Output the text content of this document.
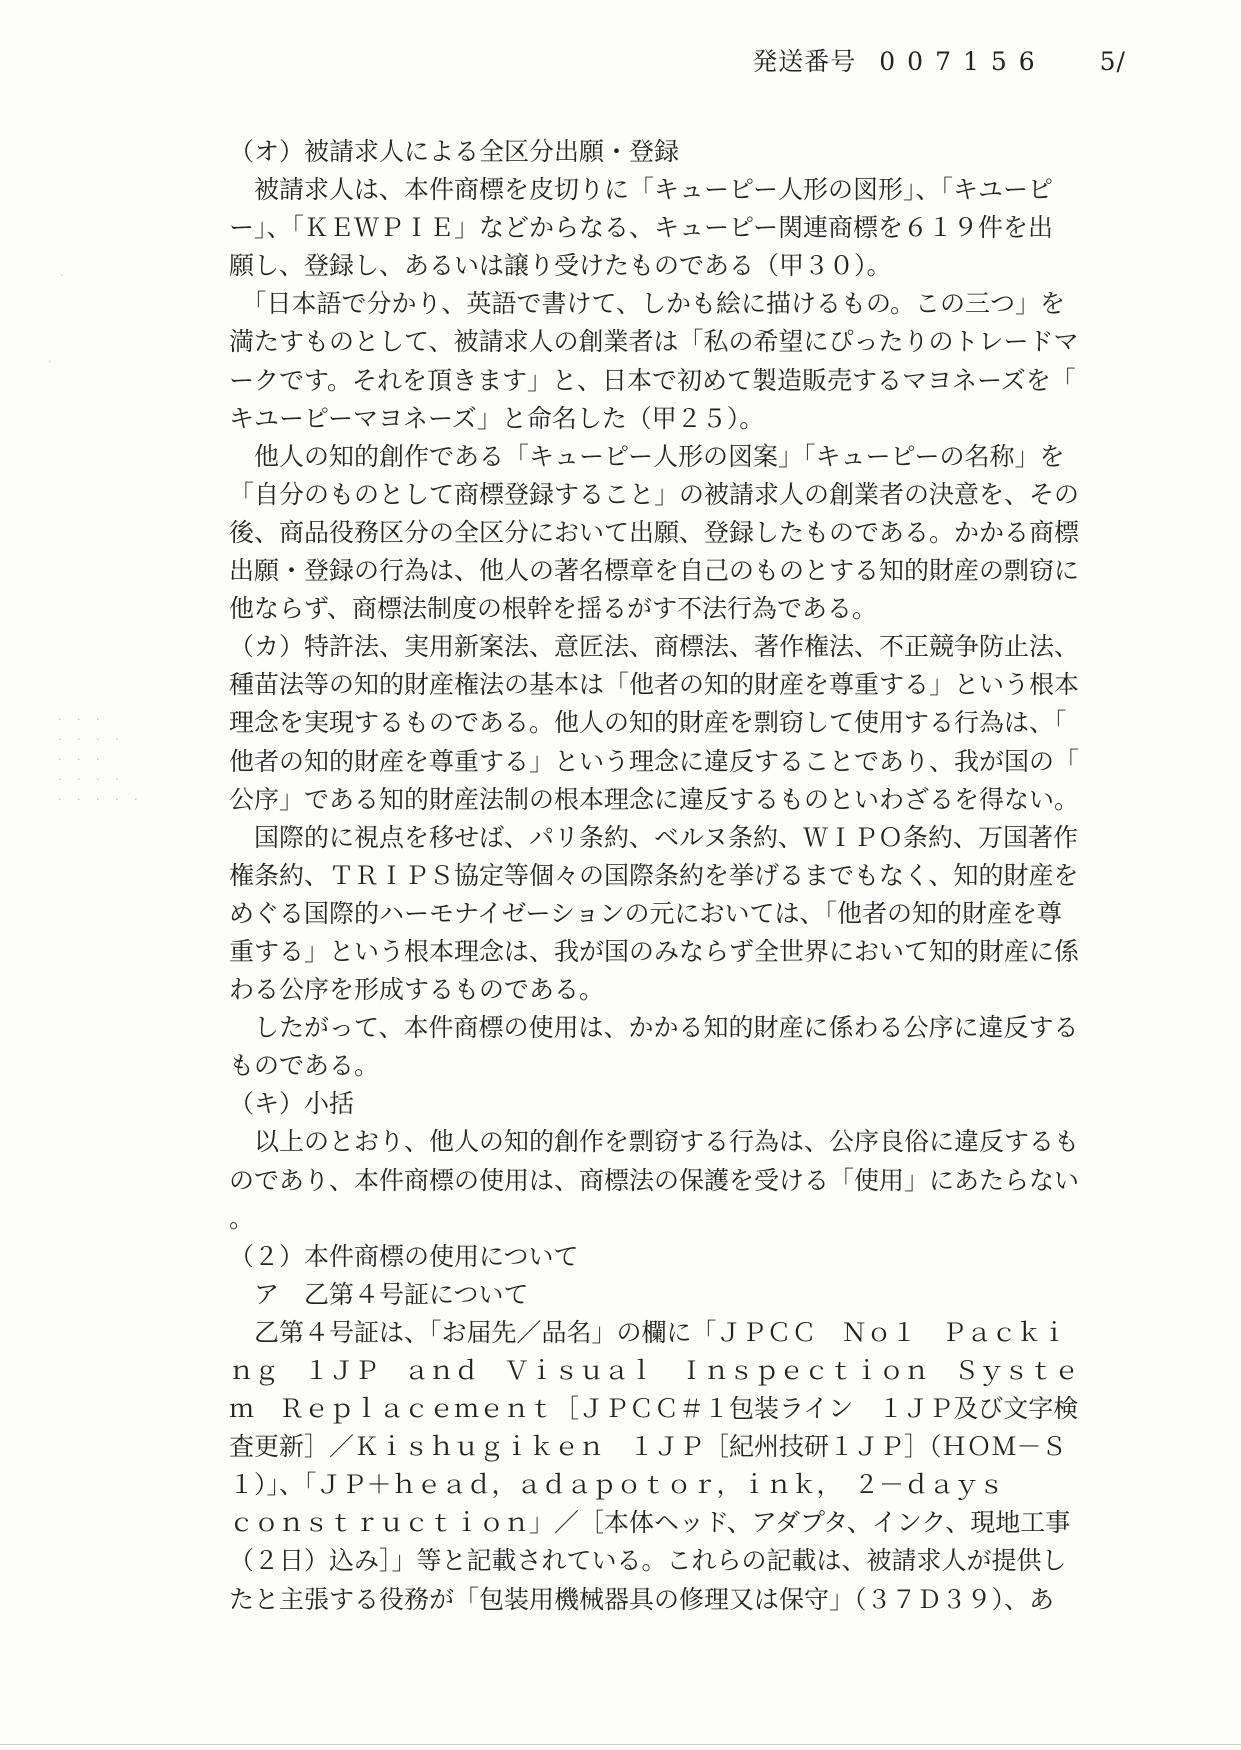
発送番号 007156 5/
· · ·
· · · ·
· · ·
· · · ·
· · · · ·
·
·
（オ）被請求人による全区分出願・登録
　被請求人は、本件商標を皮切りに「キューピー人形の図形」、「キユーピ
ー」、「ＫＥＷＰＩＥ」などからなる、キューピー関連商標を６１９件を出
願し、登録し、あるいは譲り受けたものである（甲３０）。
　「日本語で分かり、英語で書けて、しかも絵に描けるもの。この三つ」を
満たすものとして、被請求人の創業者は「私の希望にぴったりのトレードマ
ークです。それを頂きます」と、日本で初めて製造販売するマヨネーズを「
キユーピーマヨネーズ」と命名した（甲２５）。
　他人の知的創作である「キューピー人形の図案」「キューピーの名称」を
「自分のものとして商標登録すること」の被請求人の創業者の決意を、その
後、商品役務区分の全区分において出願、登録したものである。かかる商標
出願・登録の行為は、他人の著名標章を自己のものとする知的財産の剽窃に
他ならず、商標法制度の根幹を揺るがす不法行為である。
（カ）特許法、実用新案法、意匠法、商標法、著作権法、不正競争防止法、
種苗法等の知的財産権法の基本は「他者の知的財産を尊重する」という根本
理念を実現するものである。他人の知的財産を剽窃して使用する行為は、「
他者の知的財産を尊重する」という理念に違反することであり、我が国の「
公序」である知的財産法制の根本理念に違反するものといわざるを得ない。
　国際的に視点を移せば、パリ条約、ベルヌ条約、ＷＩＰＯ条約、万国著作
権条約、ＴＲＩＰＳ協定等個々の国際条約を挙げるまでもなく、知的財産を
めぐる国際的ハーモナイゼーションの元においては、「他者の知的財産を尊
重する」という根本理念は、我が国のみならず全世界において知的財産に係
わる公序を形成するものである。
　したがって、本件商標の使用は、かかる知的財産に係わる公序に違反する
ものである。
（キ）小括
　以上のとおり、他人の知的創作を剽窃する行為は、公序良俗に違反するも
のであり、本件商標の使用は、商標法の保護を受ける「使用」にあたらない
。
（２）本件商標の使用について
　ア　乙第４号証について
　乙第４号証は、「お届先／品名」の欄に「ＪＰＣＣ　Ｎｏ１　Ｐａｃｋｉ
ｎｇ　１ＪＰ　ａｎｄ　Ｖｉｓｕａｌ　Ｉｎｓｐｅｃｔｉｏｎ　Ｓｙｓｔｅ
ｍ　Ｒｅｐｌａｃｅｍｅｎｔ［ＪＰＣＣ＃１包装ライン　１ＪＰ及び文字検
査更新］／Ｋｉｓｈｕｇｉｋｅｎ　１ＪＰ［紀州技研１ＪＰ］（ＨＯＭ－Ｓ
１）」、「ＪＰ＋ｈｅａｄ，ａｄａｐｏｔｏｒ，ｉｎｋ，　２－ｄａｙｓ　
ｃｏｎｓｔｒｕｃｔｉｏｎ」／［本体ヘッド、アダプタ、インク、現地工事
（２日）込み］」等と記載されている。これらの記載は、被請求人が提供し
たと主張する役務が「包装用機械器具の修理又は保守」（３７Ｄ３９）、あ
